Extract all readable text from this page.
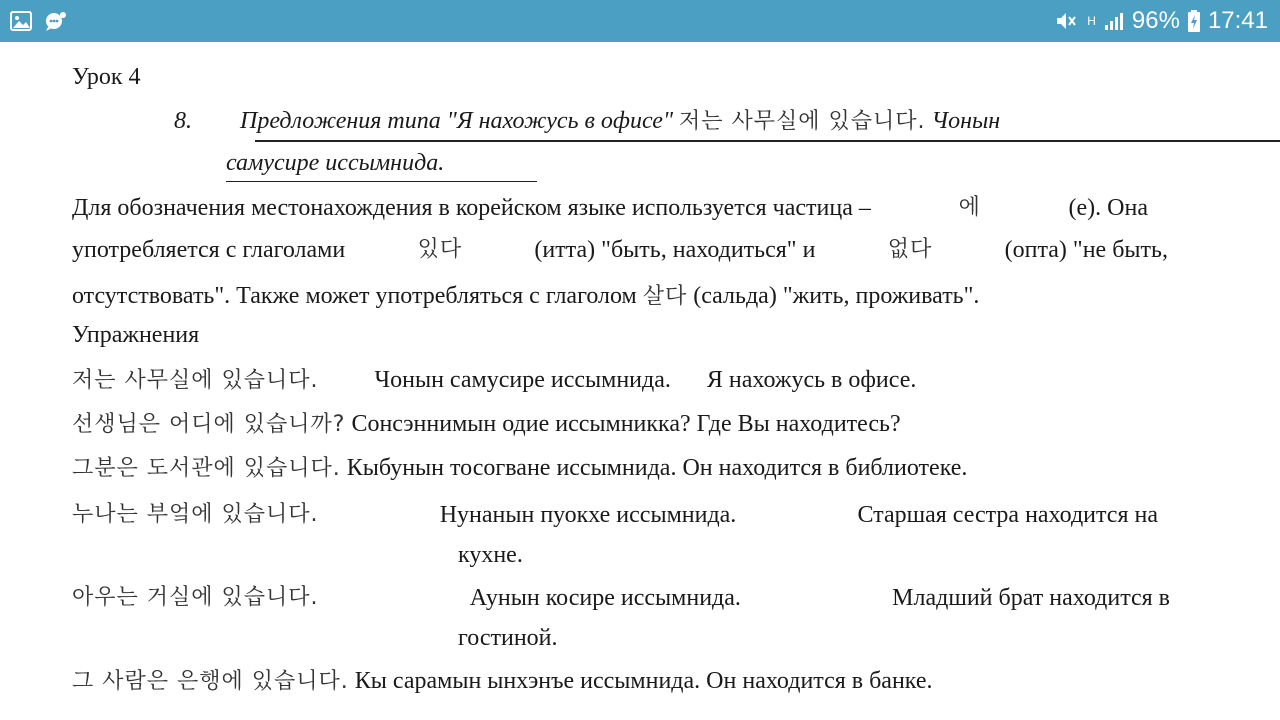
H 96% 17:41
Урок 4
8. Предложения типа "Я нахожусь в офисе" 저는 사무실에 있습니다. Чонын
самусире иссымнида.
Для обозначения местонахождения в корейском языке используется частица –	에	(е). Она
употребляется с глаголами	있다	(итта) "быть, находиться" и	없다	(опта) "не быть,
отсутствовать". Также может употребляться с глаголом 살다 (сальда) "жить, проживать".
Упражнения
저는 사무실에 있습니다. Чонын самусире иссымнида. Я нахожусь в офисе.
선생님은 어디에 있습니까? Сонсэннимын одие иссымникка? Где Вы находитесь?
그분은 도서관에 있습니다. Кыбунын тосогване иссымнида. Он находится в библиотеке.
누나는 부엌에 있습니다.	Нунанын пуокхе иссымнида.	Старшая сестра находится на
кухне.
아우는 거실에 있습니다.	Аунын косире иссымнида.	Младший брат находится в
гостиной.
그 사람은 은행에 있습니다. Кы сарамын ынхэнъе иссымнида. Он находится в банке.
